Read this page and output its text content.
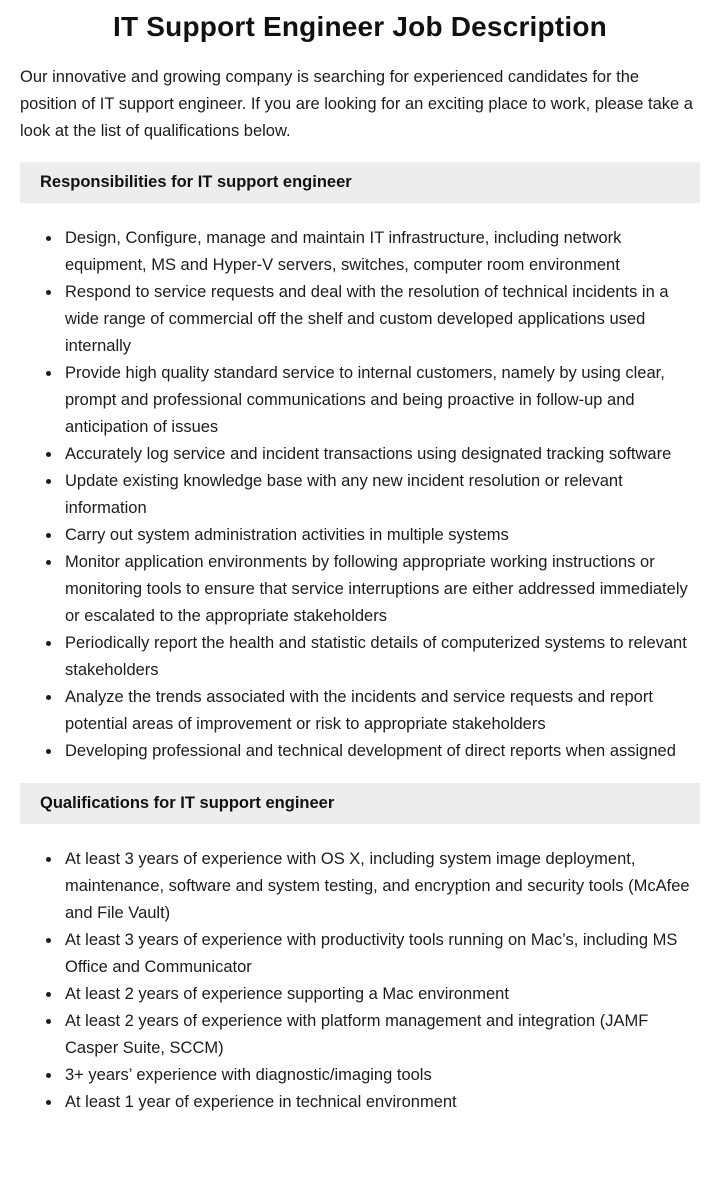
IT Support Engineer Job Description

Our innovative and growing company is searching for experienced candidates for the position of IT support engineer. If you are looking for an exciting place to work, please take a look at the list of qualifications below.

Responsibilities for IT support engineer
• Design, Configure, manage and maintain IT infrastructure, including network equipment, MS and Hyper-V servers, switches, computer room environment
• Respond to service requests and deal with the resolution of technical incidents in a wide range of commercial off the shelf and custom developed applications used internally
• Provide high quality standard service to internal customers, namely by using clear, prompt and professional communications and being proactive in follow-up and anticipation of issues
• Accurately log service and incident transactions using designated tracking software
• Update existing knowledge base with any new incident resolution or relevant information
• Carry out system administration activities in multiple systems
• Monitor application environments by following appropriate working instructions or monitoring tools to ensure that service interruptions are either addressed immediately or escalated to the appropriate stakeholders
• Periodically report the health and statistic details of computerized systems to relevant stakeholders
• Analyze the trends associated with the incidents and service requests and report potential areas of improvement or risk to appropriate stakeholders
• Developing professional and technical development of direct reports when assigned
Qualifications for IT support engineer
• At least 3 years of experience with OS X, including system image deployment, maintenance, software and system testing, and encryption and security tools (McAfee and File Vault)
• At least 3 years of experience with productivity tools running on Mac’s, including MS Office and Communicator
• At least 2 years of experience supporting a Mac environment
• At least 2 years of experience with platform management and integration (JAMF Casper Suite, SCCM)
• 3+ years’ experience with diagnostic/imaging tools
• At least 1 year of experience in technical environment
